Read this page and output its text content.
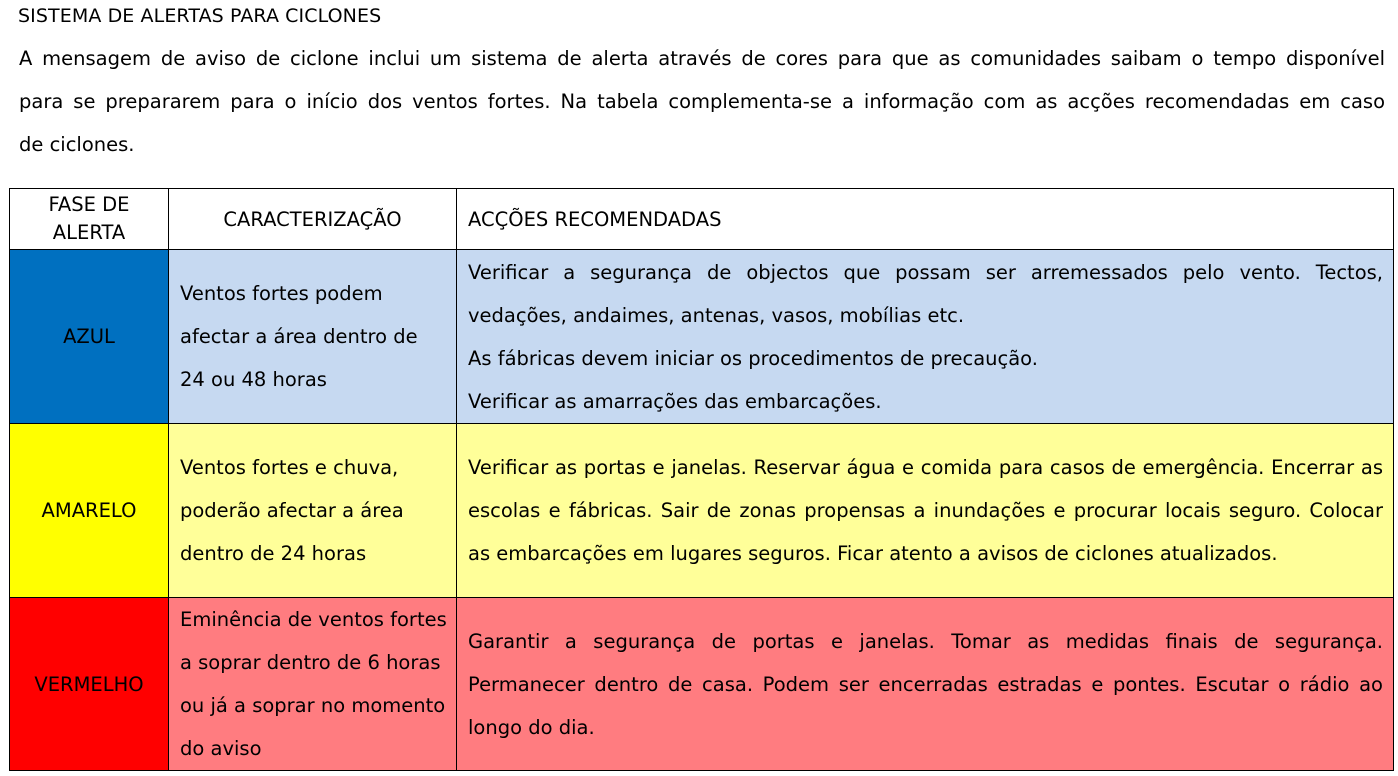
SISTEMA DE ALERTAS PARA CICLONES
A mensagem de aviso de ciclone inclui um sistema de alerta através de cores para que as comunidades saibam o tempo disponível
para se prepararem para o início dos ventos fortes. Na tabela complementa-se a informação com as acções recomendadas em caso
de ciclones.
FASE DE
ALERTA	CARACTERIZAÇÃO	ACÇÕES RECOMENDADAS
AZUL	Ventos fortes podem afectar a área dentro de 24 ou 48 horas	Verificar a segurança de objectos que possam ser arremessados pelo vento. Tectos, vedações, andaimes, antenas, vasos, mobílias etc.

As fábricas devem iniciar os procedimentos de precaução.

Verificar as amarrações das embarcações.

AMARELO	Ventos fortes e chuva, poderão afectar a área dentro de 24 horas	Verificar as portas e janelas. Reservar água e comida para casos de emergência. Encerrar as escolas e fábricas. Sair de zonas propensas a inundações e procurar locais seguro. Colocar as embarcações em lugares seguros. Ficar atento a avisos de ciclones atualizados.

VERMELHO	Eminência de ventos fortes a soprar dentro de 6 horas ou já a soprar no momento do aviso	Garantir a segurança de portas e janelas. Tomar as medidas finais de segurança. Permanecer dentro de casa. Podem ser encerradas estradas e pontes. Escutar o rádio ao longo do dia.
